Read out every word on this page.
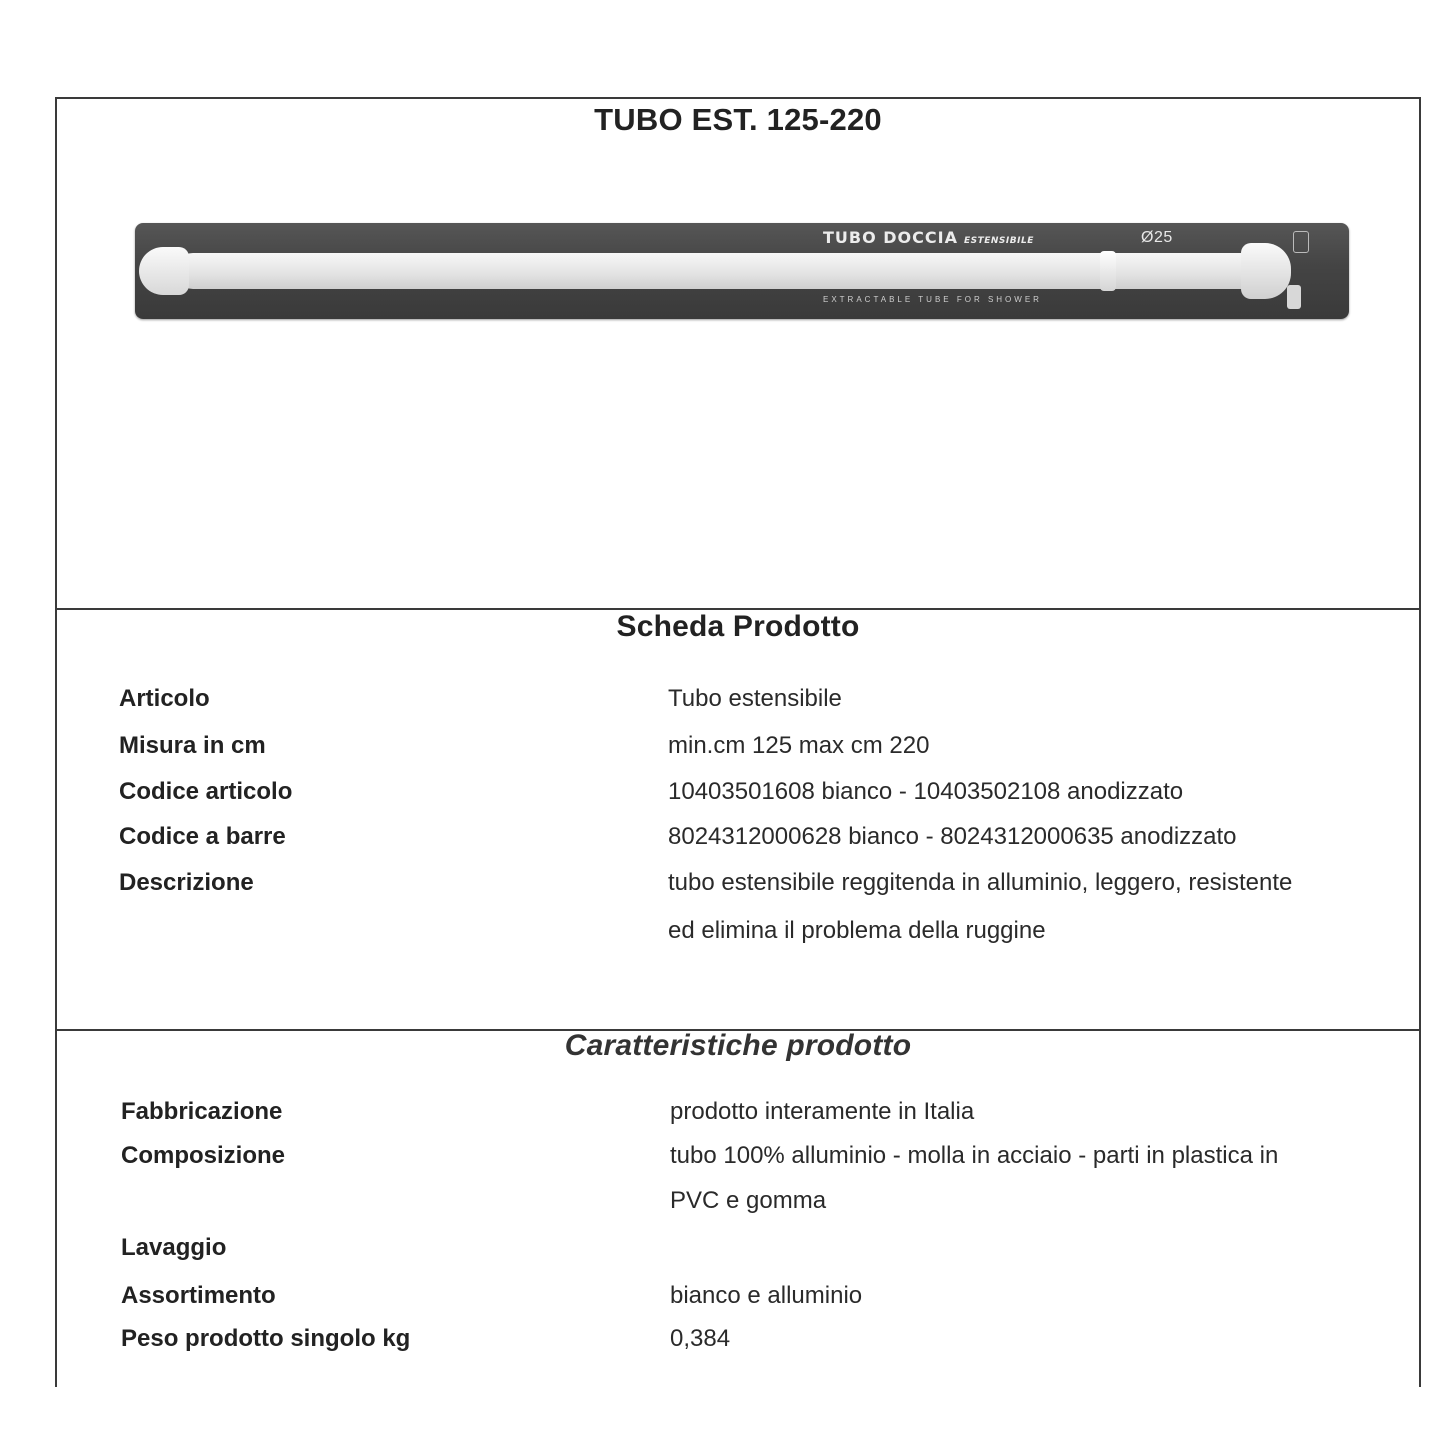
TUBO EST. 125-220
TUBO DOCCIA ESTENSIBILE	Ø25
EXTRACTABLE TUBE FOR SHOWER
Scheda Prodotto
Articolo	Tubo estensibile
Misura in cm	min.cm 125 max cm 220
Codice articolo	10403501608 bianco - 10403502108 anodizzato
Codice a barre	8024312000628 bianco - 8024312000635 anodizzato
Descrizione	tubo estensibile reggitenda in alluminio, leggero, resistente
ed elimina il problema della ruggine
Caratteristiche prodotto
Fabbricazione	prodotto interamente in Italia
Composizione	tubo 100% alluminio - molla in acciaio - parti in plastica in
PVC e gomma
Lavaggio
Assortimento	bianco e alluminio
Peso prodotto singolo kg	0,384
